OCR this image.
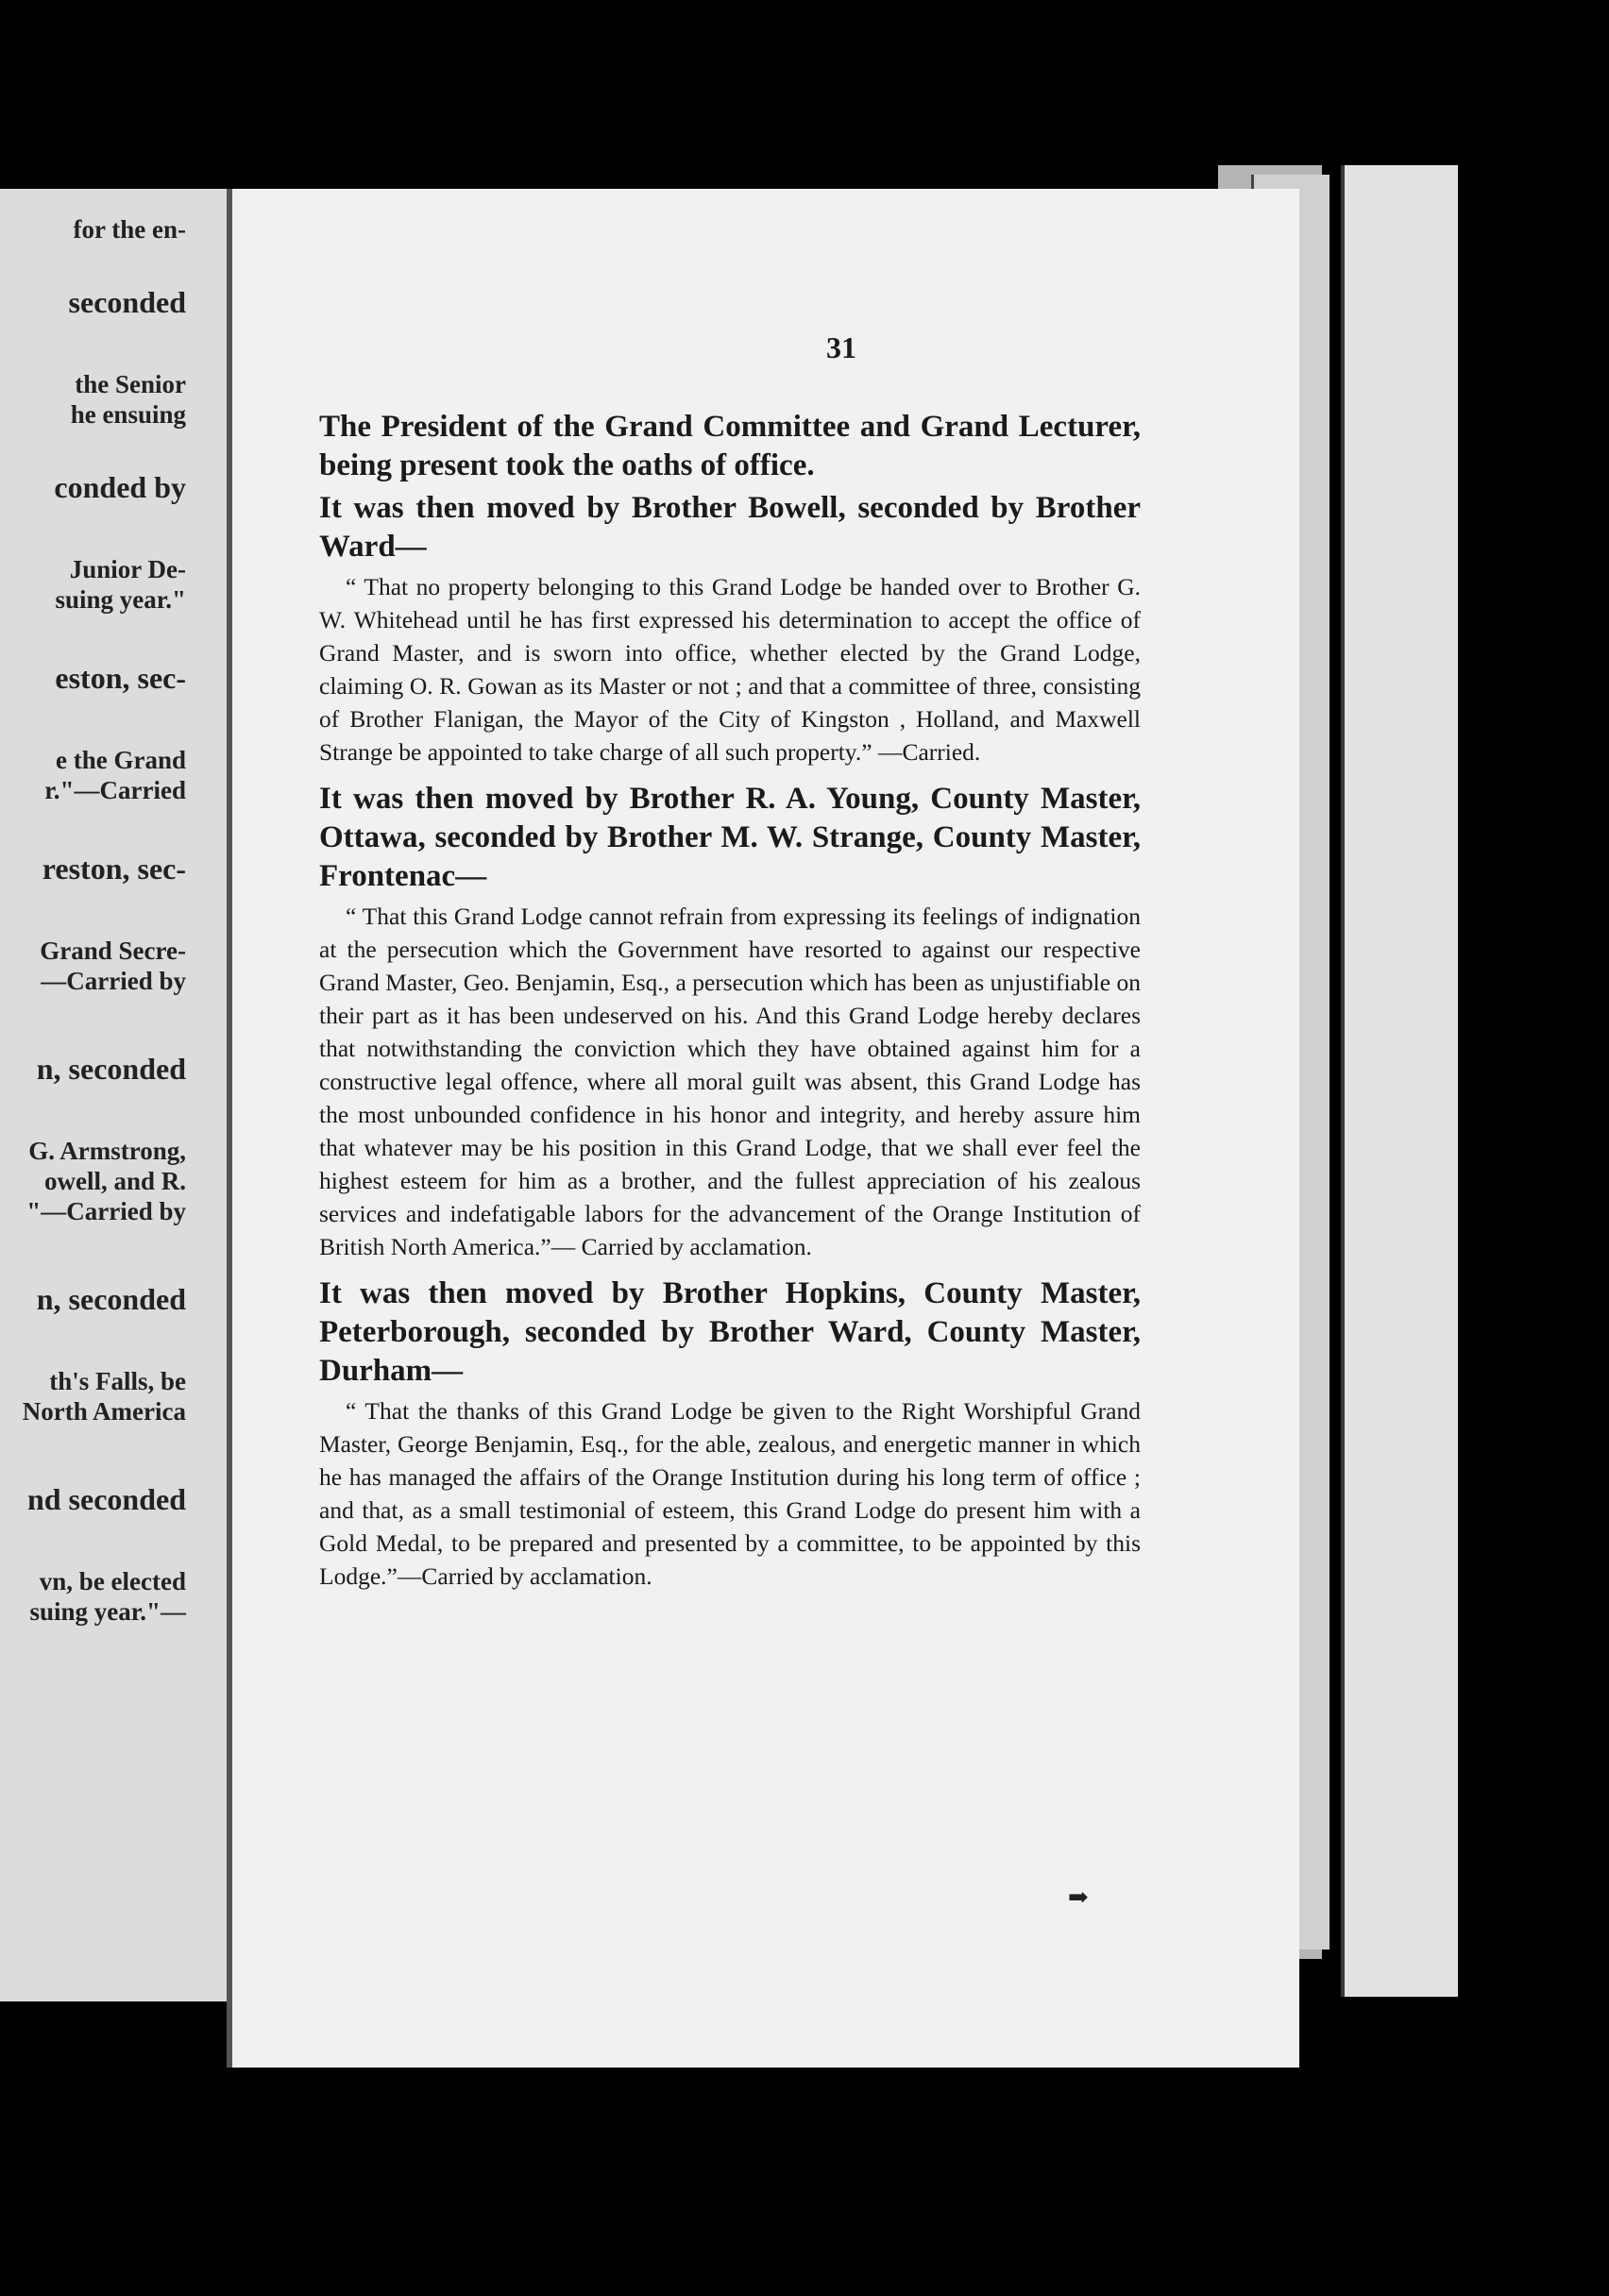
for the en-
seconded
the Senior
he ensuing
conded by
Junior De-
suing year."
eston, sec-
e the Grand
r."—Carried
reston, sec-
Grand Secre-
—Carried by
n, seconded
G. Armstrong,
owell, and R.
"—Carried by
n, seconded
th's Falls, be
North America
nd seconded
vn, be elected
suing year."—
31

The President of the Grand Committee and Grand Lecturer, being present took the oaths of office.

It was then moved by Brother Bowell, seconded by Brother Ward—

“ That no property belonging to this Grand Lodge be handed over to Brother G. W. Whitehead until he has first expressed his determination to accept the office of Grand Master, and is sworn into office, whether elected by the Grand Lodge, claiming O. R. Gowan as its Master or not ; and that a committee of three, consisting of Brother Flanigan, the Mayor of the City of Kingston , Holland, and Maxwell Strange be appointed to take charge of all such property.” —Carried.

It was then moved by Brother R. A. Young, County Master, Ottawa, seconded by Brother M. W. Strange, County Master, Frontenac—

“ That this Grand Lodge cannot refrain from expressing its feelings of indignation at the persecution which the Government have resorted to against our respective Grand Master, Geo. Benjamin, Esq., a persecution which has been as unjustifiable on their part as it has been undeserved on his. And this Grand Lodge hereby declares that notwithstanding the conviction which they have obtained against him for a constructive legal offence, where all moral guilt was absent, this Grand Lodge has the most unbounded confidence in his honor and integrity, and hereby assure him that whatever may be his position in this Grand Lodge, that we shall ever feel the highest esteem for him as a brother, and the fullest appreciation of his zealous services and indefatigable labors for the advancement of the Orange Institution of British North America.”— Carried by acclamation.

It was then moved by Brother Hopkins, County Master, Peterborough, seconded by Brother Ward, County Master, Durham—

“ That the thanks of this Grand Lodge be given to the Right Worshipful Grand Master, George Benjamin, Esq., for the able, zealous, and energetic manner in which he has managed the affairs of the Orange Institution during his long term of office ; and that, as a small testimonial of esteem, this Grand Lodge do present him with a Gold Medal, to be prepared and presented by a committee, to be appointed by this Lodge.”—Carried by acclamation.

➡
